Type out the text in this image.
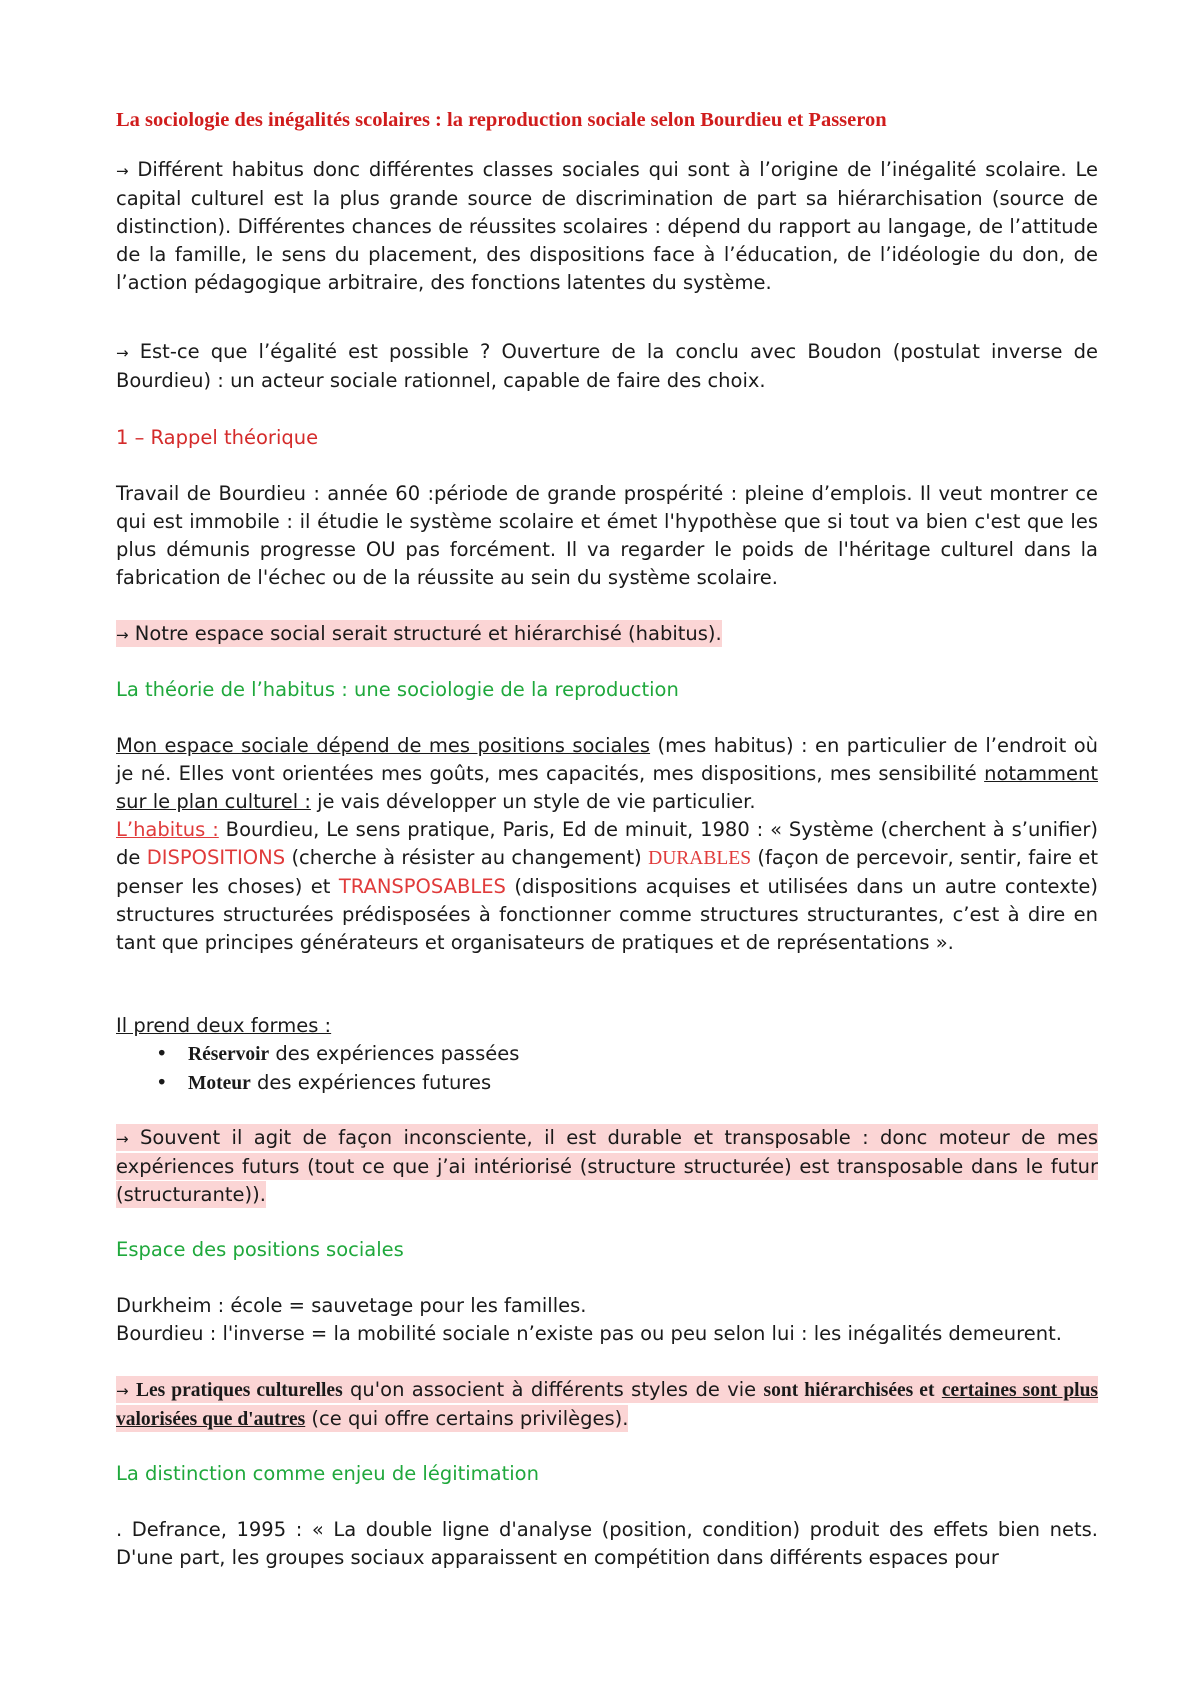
La sociologie des inégalités scolaires : la reproduction sociale selon Bourdieu et Passeron

→ Différent habitus donc différentes classes sociales qui sont à l’origine de l’inégalité scolaire. Le capital culturel est la plus grande source de discrimination de part sa hiérarchisation (source de distinction). Différentes chances de réussites scolaires : dépend du rapport au langage, de l’attitude de la famille, le sens du placement, des dispositions face à l’éducation, de l’idéologie du don, de l’action pédagogique arbitraire, des fonctions latentes du système.

→ Est-ce que l’égalité est possible ? Ouverture de la conclu avec Boudon (postulat inverse de Bourdieu) : un acteur sociale rationnel, capable de faire des choix.

1 – Rappel théorique

Travail de Bourdieu : année 60 :période de grande prospérité : pleine d’emplois. Il veut montrer ce qui est immobile : il étudie le système scolaire et émet l'hypothèse que si tout va bien c'est que les plus démunis progresse OU pas forcément. Il va regarder le poids de l'héritage culturel dans la fabrication de l'échec ou de la réussite au sein du système scolaire.

→ Notre espace social serait structuré et hiérarchisé (habitus).

La théorie de l’habitus : une sociologie de la reproduction

Mon espace sociale dépend de mes positions sociales (mes habitus) : en particulier de l’endroit où je né. Elles vont orientées mes goûts, mes capacités, mes dispositions, mes sensibilité notamment sur le plan culturel : je vais développer un style de vie particulier.

L’habitus : Bourdieu, Le sens pratique, Paris, Ed de minuit, 1980 : « Système (cherchent à s’unifier) de DISPOSITIONS (cherche à résister au changement) DURABLES (façon de percevoir, sentir, faire et penser les choses) et TRANSPOSABLES (dispositions acquises et utilisées dans un autre contexte) structures structurées prédisposées à fonctionner comme structures structurantes, c’est à dire en tant que principes générateurs et organisateurs de pratiques et de représentations ».

Il prend deux formes :

• Réservoir des expériences passées
• Moteur des expériences futures

→ Souvent il agit de façon inconsciente, il est durable et transposable : donc moteur de mes expériences futurs (tout ce que j’ai intériorisé (structure structurée) est transposable dans le futur (structurante)).

Espace des positions sociales

Durkheim : école = sauvetage pour les familles.
Bourdieu : l'inverse = la mobilité sociale n’existe pas ou peu selon lui : les inégalités demeurent.

→ Les pratiques culturelles qu'on associent à différents styles de vie sont hiérarchisées et certaines sont plus valorisées que d'autres (ce qui offre certains privilèges).

La distinction comme enjeu de légitimation

. Defrance, 1995 : « La double ligne d'analyse (position, condition) produit des effets bien nets. D'une part, les groupes sociaux apparaissent en compétition dans différents espaces pour
